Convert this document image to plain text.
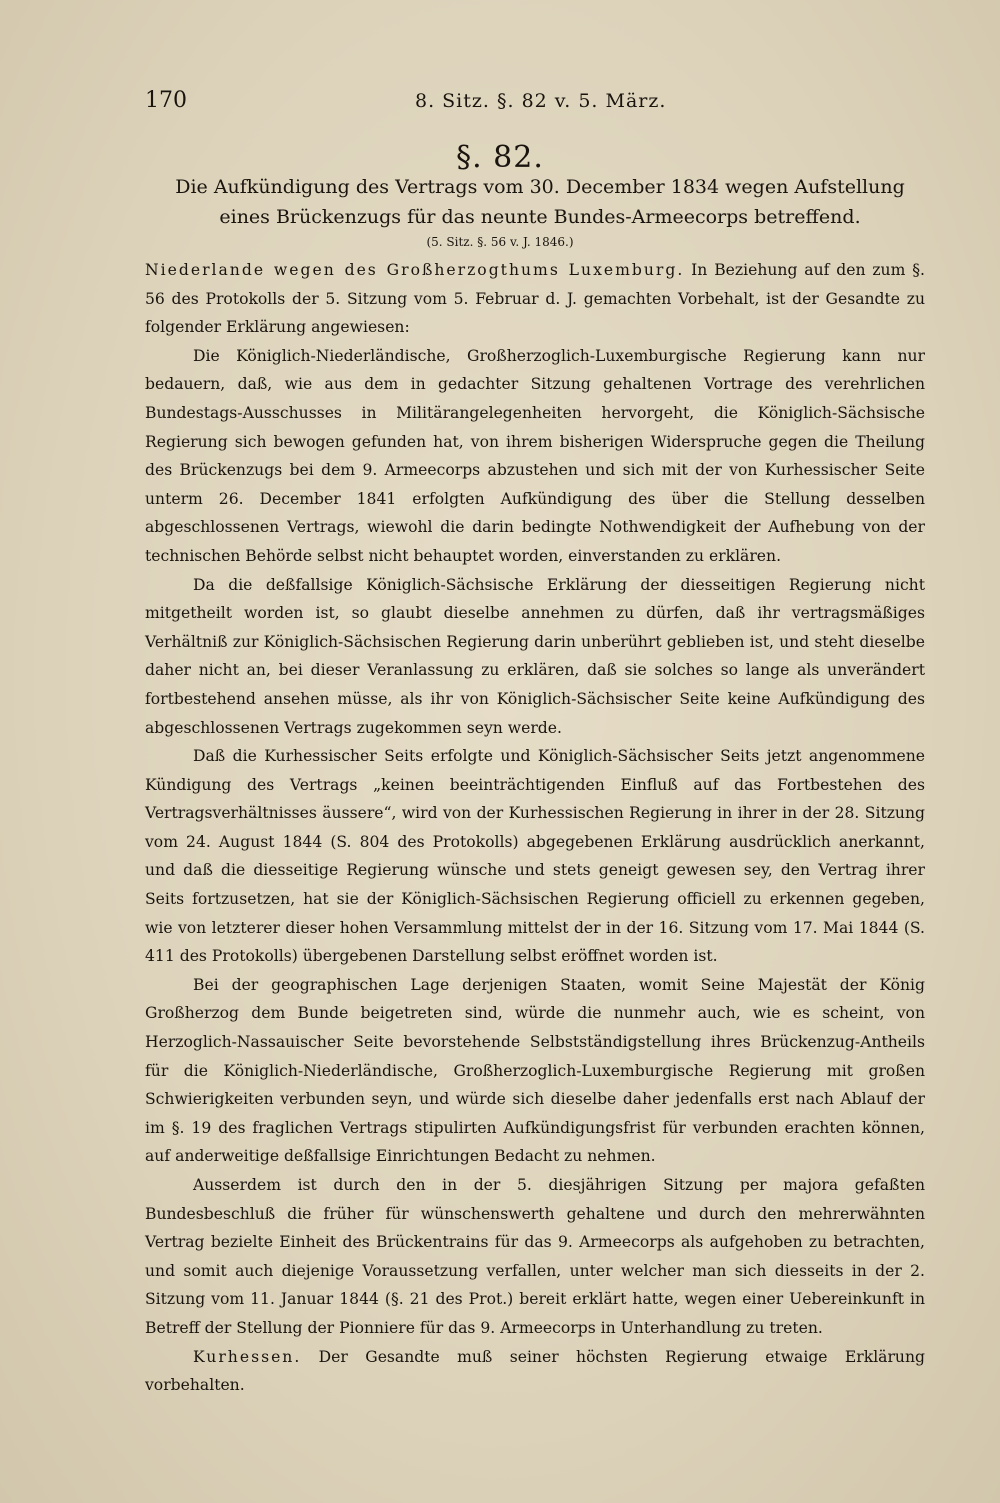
170	8. Sitz. §. 82 v. 5. März.
§. 82.
Die Aufkündigung des Vertrags vom 30. December 1834 wegen Aufstellung eines Brückenzugs für das neunte Bundes-Armeecorps betreffend.
(5. Sitz. §. 56 v. J. 1846.)

Niederlande wegen des Großherzogthums Luxemburg. In Beziehung auf den zum §. 56 des Protokolls der 5. Sitzung vom 5. Februar d. J. gemachten Vorbehalt, ist der Gesandte zu folgender Erklärung angewiesen:

Die Königlich-Niederländische, Großherzoglich-Luxemburgische Regierung kann nur bedauern, daß, wie aus dem in gedachter Sitzung gehaltenen Vortrage des verehrlichen Bundestags-Ausschusses in Militärangelegenheiten hervorgeht, die Königlich-Sächsische Regierung sich bewogen gefunden hat, von ihrem bisherigen Widerspruche gegen die Theilung des Brückenzugs bei dem 9. Armeecorps abzustehen und sich mit der von Kurhessischer Seite unterm 26. December 1841 erfolgten Aufkündigung des über die Stellung desselben abgeschlossenen Vertrags, wiewohl die darin bedingte Nothwendigkeit der Aufhebung von der technischen Behörde selbst nicht behauptet worden, einverstanden zu erklären.

Da die deßfallsige Königlich-Sächsische Erklärung der diesseitigen Regierung nicht mitgetheilt worden ist, so glaubt dieselbe annehmen zu dürfen, daß ihr vertragsmäßiges Verhältniß zur Königlich-Sächsischen Regierung darin unberührt geblieben ist, und steht dieselbe daher nicht an, bei dieser Veranlassung zu erklären, daß sie solches so lange als unverändert fortbestehend ansehen müsse, als ihr von Königlich-Sächsischer Seite keine Aufkündigung des abgeschlossenen Vertrags zugekommen seyn werde.

Daß die Kurhessischer Seits erfolgte und Königlich-Sächsischer Seits jetzt angenommene Kündigung des Vertrags „keinen beeinträchtigenden Einfluß auf das Fortbestehen des Vertragsverhältnisses äussere“, wird von der Kurhessischen Regierung in ihrer in der 28. Sitzung vom 24. August 1844 (S. 804 des Protokolls) abgegebenen Erklärung ausdrücklich anerkannt, und daß die diesseitige Regierung wünsche und stets geneigt gewesen sey, den Vertrag ihrer Seits fortzusetzen, hat sie der Königlich-Sächsischen Regierung officiell zu erkennen gegeben, wie von letzterer dieser hohen Versammlung mittelst der in der 16. Sitzung vom 17. Mai 1844 (S. 411 des Protokolls) übergebenen Darstellung selbst eröffnet worden ist.

Bei der geographischen Lage derjenigen Staaten, womit Seine Majestät der König Großherzog dem Bunde beigetreten sind, würde die nunmehr auch, wie es scheint, von Herzoglich-Nassauischer Seite bevorstehende Selbstständigstellung ihres Brückenzug-Antheils für die Königlich-Niederländische, Großherzoglich-Luxemburgische Regierung mit großen Schwierigkeiten verbunden seyn, und würde sich dieselbe daher jedenfalls erst nach Ablauf der im §. 19 des fraglichen Vertrags stipulirten Aufkündigungsfrist für verbunden erachten können, auf anderweitige deßfallsige Einrichtungen Bedacht zu nehmen.

Ausserdem ist durch den in der 5. diesjährigen Sitzung per majora gefaßten Bundesbeschluß die früher für wünschenswerth gehaltene und durch den mehrerwähnten Vertrag bezielte Einheit des Brückentrains für das 9. Armeecorps als aufgehoben zu betrachten, und somit auch diejenige Voraussetzung verfallen, unter welcher man sich diesseits in der 2. Sitzung vom 11. Januar 1844 (§. 21 des Prot.) bereit erklärt hatte, wegen einer Uebereinkunft in Betreff der Stellung der Pionniere für das 9. Armeecorps in Unterhandlung zu treten.

Kurhessen. Der Gesandte muß seiner höchsten Regierung etwaige Erklärung vorbehalten.
